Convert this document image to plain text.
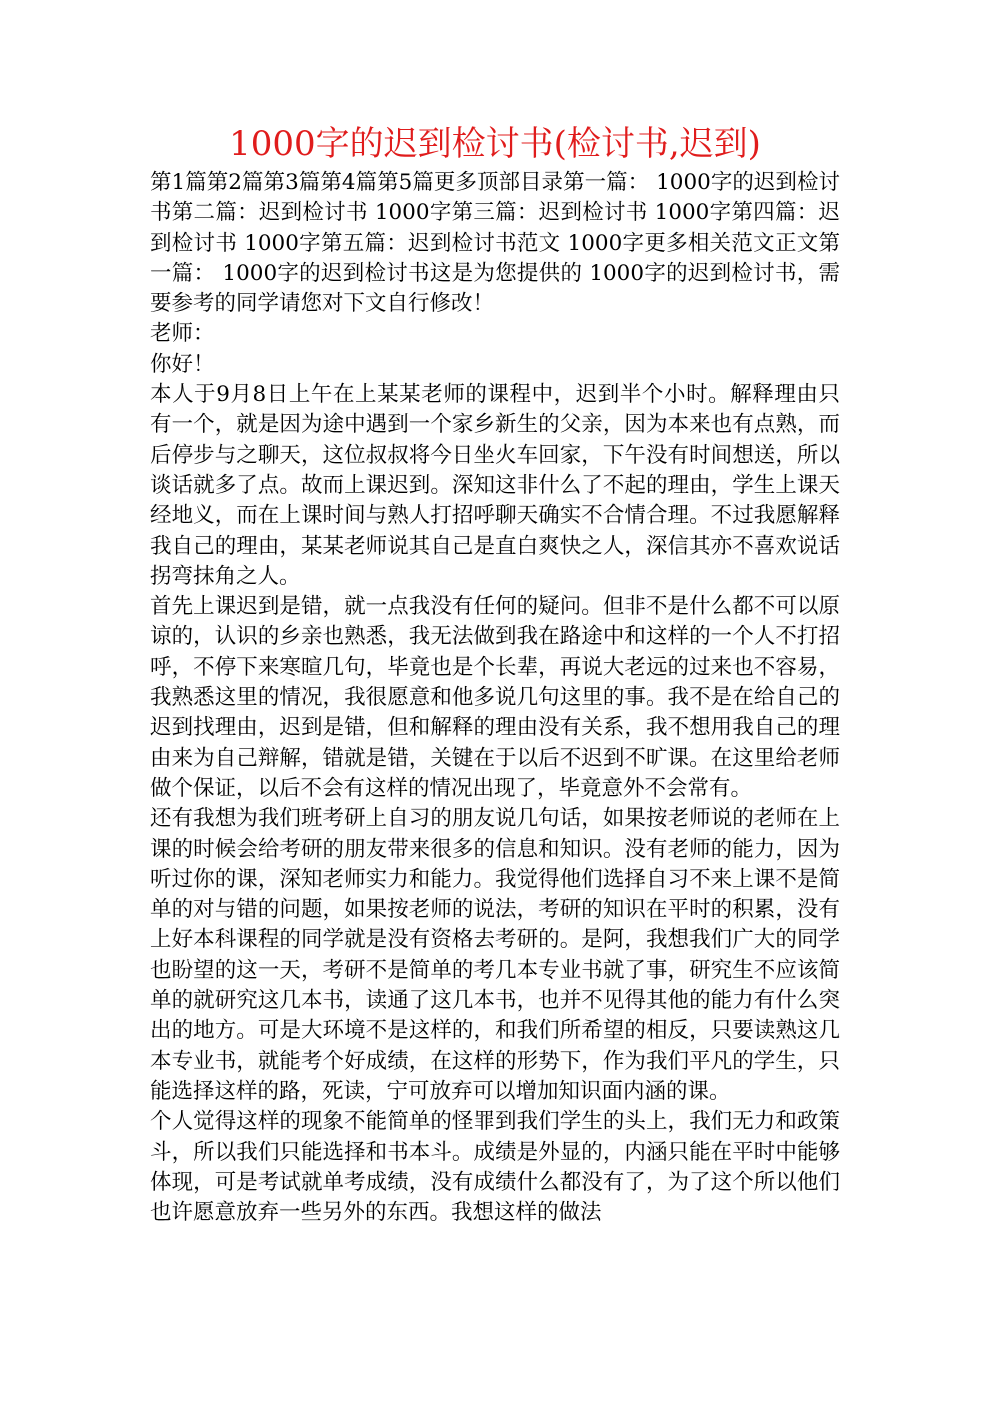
1000字的迟到检讨书(检讨书,迟到)

第1篇第2篇第3篇第4篇第5篇更多顶部目录第一篇： 1000字的迟到检讨书第二篇：迟到检讨书 1000字第三篇：迟到检讨书 1000字第四篇：迟到检讨书 1000字第五篇：迟到检讨书范文 1000字更多相关范文正文第一篇： 1000字的迟到检讨书这是为您提供的 1000字的迟到检讨书，需要参考的同学请您对下文自行修改！

老师：

你好！

本人于9月8日上午在上某某老师的课程中，迟到半个小时。解释理由只有一个，就是因为途中遇到一个家乡新生的父亲，因为本来也有点熟，而后停步与之聊天，这位叔叔将今日坐火车回家，下午没有时间想送，所以谈话就多了点。故而上课迟到。深知这非什么了不起的理由，学生上课天经地义，而在上课时间与熟人打招呼聊天确实不合情合理。不过我愿解释我自己的理由，某某老师说其自己是直白爽快之人，深信其亦不喜欢说话拐弯抹角之人。

首先上课迟到是错，就一点我没有任何的疑问。但非不是什么都不可以原谅的，认识的乡亲也熟悉，我无法做到我在路途中和这样的一个人不打招呼，不停下来寒暄几句，毕竟也是个长辈，再说大老远的过来也不容易，我熟悉这里的情况，我很愿意和他多说几句这里的事。我不是在给自己的迟到找理由，迟到是错，但和解释的理由没有关系，我不想用我自己的理由来为自己辩解，错就是错，关键在于以后不迟到不旷课。在这里给老师做个保证，以后不会有这样的情况出现了，毕竟意外不会常有。

还有我想为我们班考研上自习的朋友说几句话，如果按老师说的老师在上课的时候会给考研的朋友带来很多的信息和知识。没有老师的能力，因为听过你的课，深知老师实力和能力。我觉得他们选择自习不来上课不是简单的对与错的问题，如果按老师的说法，考研的知识在平时的积累，没有上好本科课程的同学就是没有资格去考研的。是阿，我想我们广大的同学也盼望的这一天，考研不是简单的考几本专业书就了事，研究生不应该简单的就研究这几本书，读通了这几本书，也并不见得其他的能力有什么突出的地方。可是大环境不是这样的，和我们所希望的相反，只要读熟这几本专业书，就能考个好成绩，在这样的形势下，作为我们平凡的学生，只能选择这样的路，死读，宁可放弃可以增加知识面内涵的课。

个人觉得这样的现象不能简单的怪罪到我们学生的头上，我们无力和政策斗，所以我们只能选择和书本斗。成绩是外显的，内涵只能在平时中能够体现，可是考试就单考成绩，没有成绩什么都没有了，为了这个所以他们也许愿意放弃一些另外的东西。我想这样的做法
